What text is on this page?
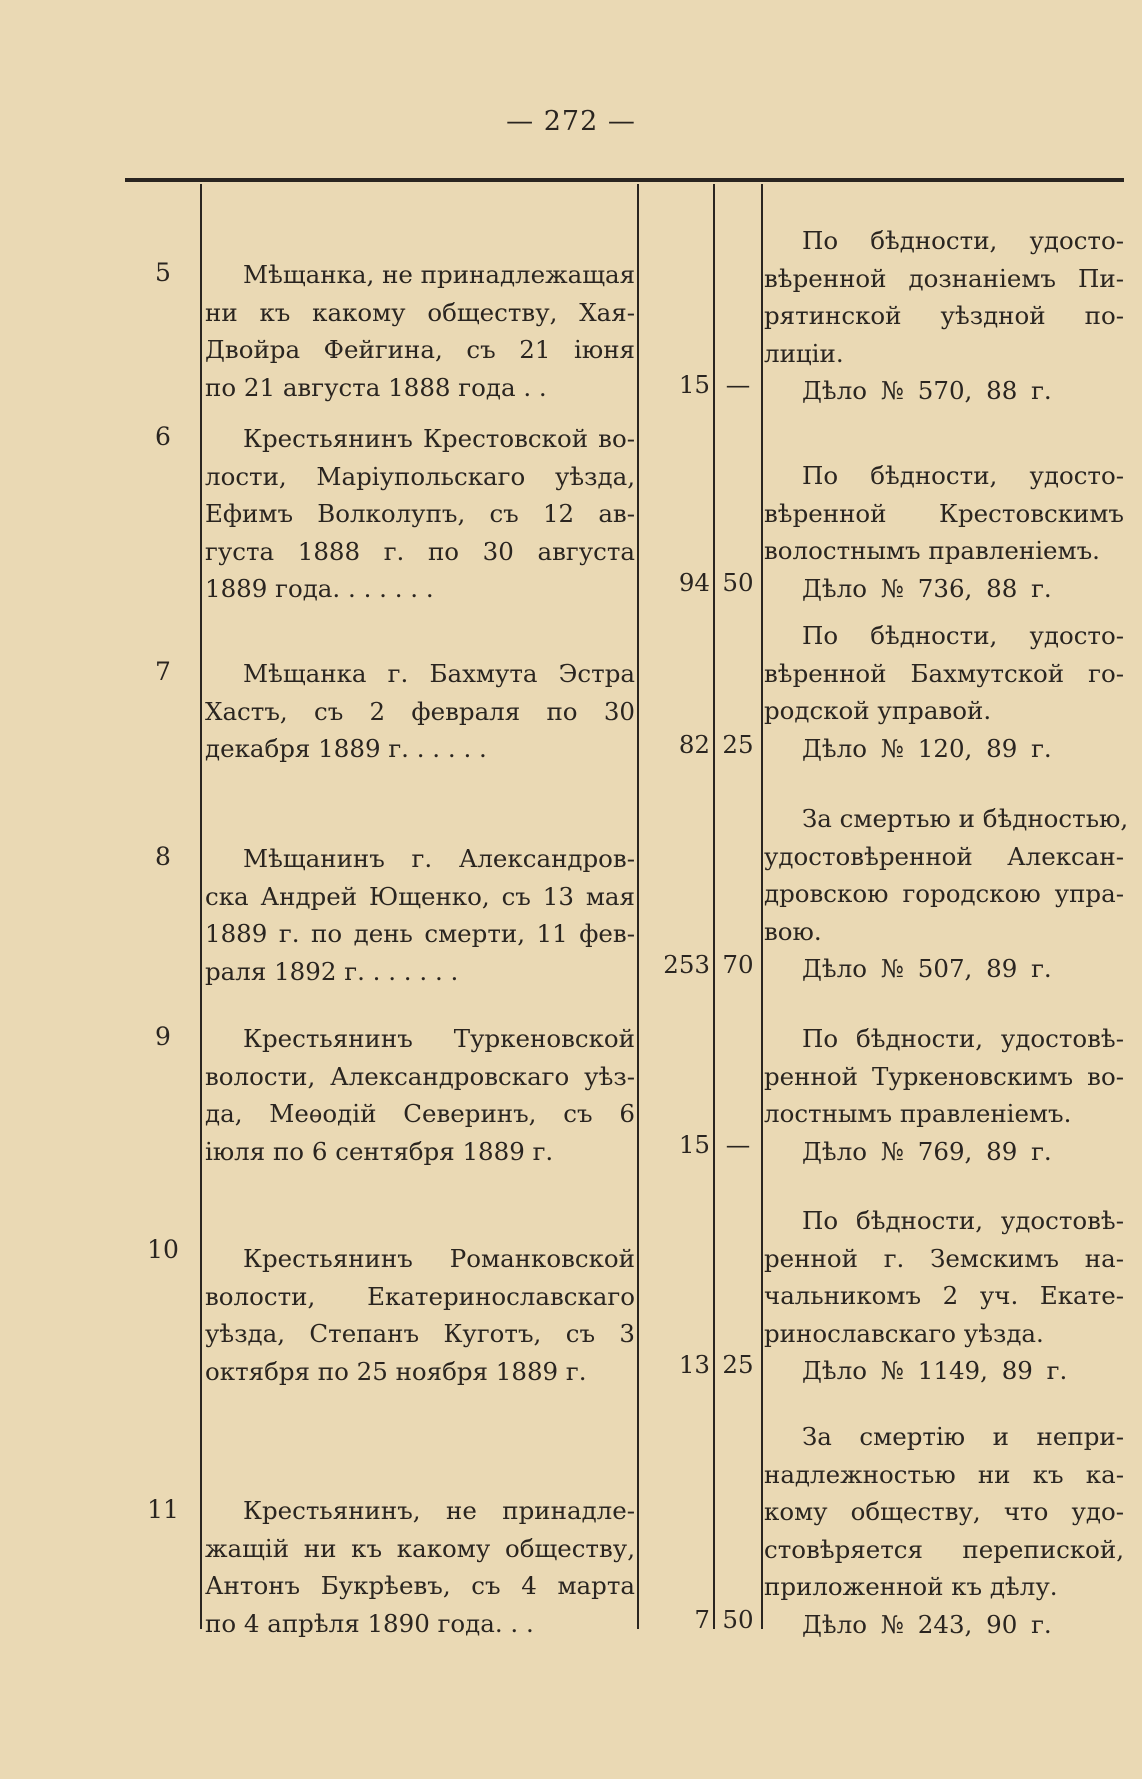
— 272 —
5	Мѣщанка, не принадлежащая
ни къ какому обществу, Хая-
Двойра Фейгина, съ 21 іюня
по 21 августа 1888 года . .	15 —
По бѣдности, удосто-
вѣренной дознаніемъ Пи-
рятинской уѣздной по-
лиціи.
Дѣло № 570, 88 г.
6	Крестьянинъ Крестовской во-
лости, Маріупольскаго уѣзда,
Ефимъ Волколупъ, съ 12 ав-
густа 1888 г. по 30 августа
1889 года. . . . . . .	94 50
По бѣдности, удосто-
вѣренной Крестовскимъ
волостнымъ правленіемъ.
Дѣло № 736, 88 г.
7	Мѣщанка г. Бахмута Эстра
Хастъ, съ 2 февраля по 30
декабря 1889 г. . . . . .	82 25
По бѣдности, удосто-
вѣренной Бахмутской го-
родской управой.
Дѣло № 120, 89 г.
8	Мѣщанинъ г. Александров-
ска Андрей Ющенко, съ 13 мая
1889 г. по день смерти, 11 фев-
раля 1892 г. . . . . . .	253 70
За смертью и бѣдностью,
удостовѣренной Алексан-
дровскою городскою упра-
вою.
Дѣло № 507, 89 г.
9	Крестьянинъ Туркеновской
волости, Александровскаго уѣз-
да, Меѳодій Северинъ, съ 6
іюля по 6 сентября 1889 г.	15 —
По бѣдности, удостовѣ-
ренной Туркеновскимъ во-
лостнымъ правленіемъ.
Дѣло № 769, 89 г.
10	Крестьянинъ Романковской
волости, Екатеринославскаго
уѣзда, Степанъ Куготъ, съ 3
октября по 25 ноября 1889 г.	13 25
По бѣдности, удостовѣ-
ренной г. Земскимъ на-
чальникомъ 2 уч. Екате-
ринославскаго уѣзда.
Дѣло № 1149, 89 г.
11	Крестьянинъ, не принадле-
жащій ни къ какому обществу,
Антонъ Букрѣевъ, съ 4 марта
по 4 апрѣля 1890 года. . .	7 50
За смертію и непри-
надлежностью ни къ ка-
кому обществу, что удо-
стовѣряется перепиской,
приложенной къ дѣлу.
Дѣло № 243, 90 г.
